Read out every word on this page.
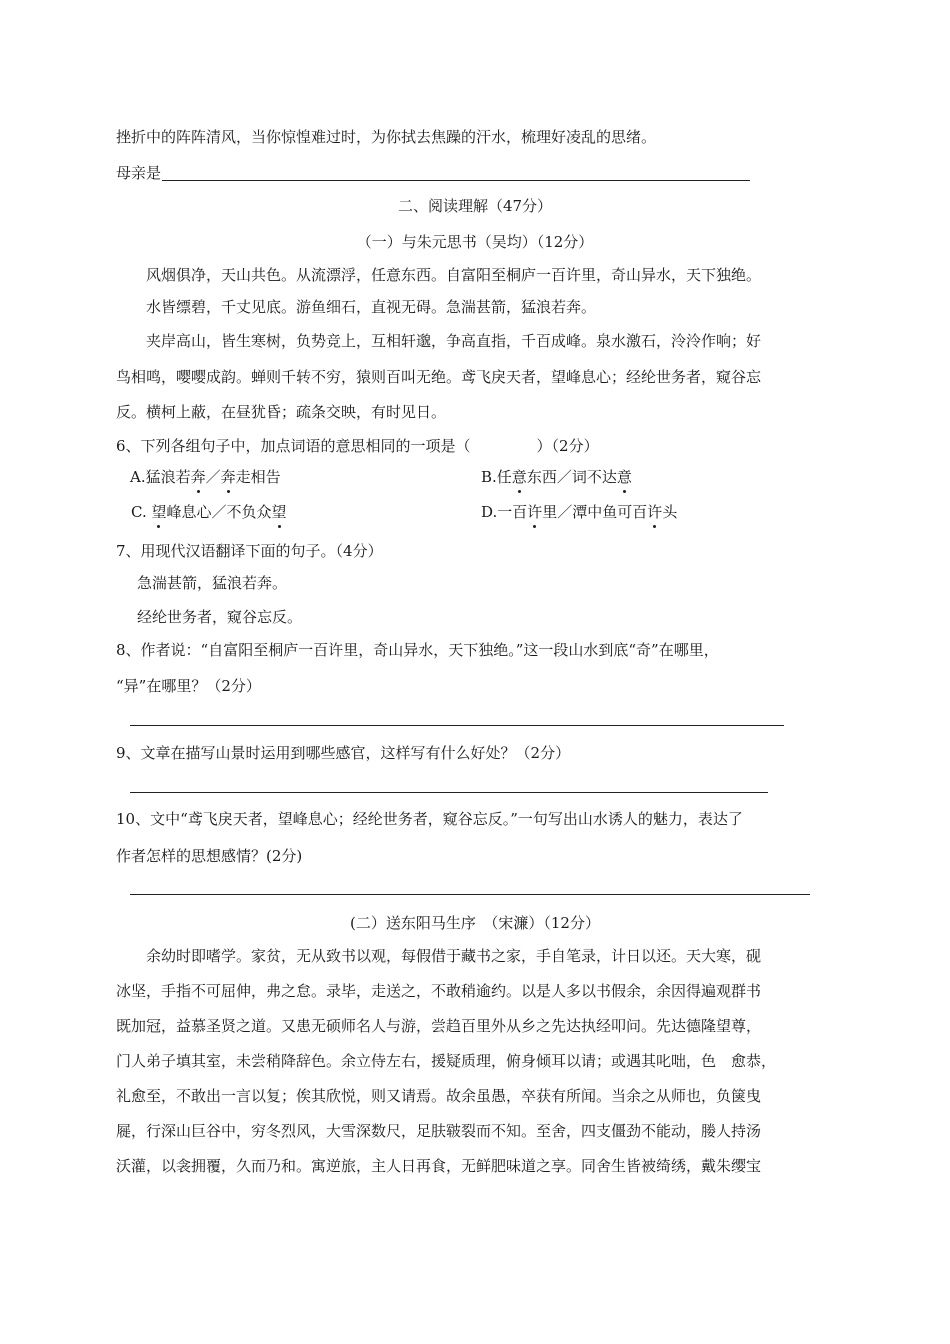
挫折中的阵阵清风，当你惊惶难过时，为你拭去焦躁的汗水，梳理好凌乱的思绪。
母亲是
二、阅读理解（47分）
（一）与朱元思书（吴均）（12分）
风烟俱净，天山共色。从流漂浮，任意东西。自富阳至桐庐一百许里，奇山异水，天下独绝。
水皆缥碧，千丈见底。游鱼细石，直视无碍。急湍甚箭，猛浪若奔。
夹岸高山，皆生寒树，负势竞上，互相轩邈，争高直指，千百成峰。泉水激石，泠泠作响；好
鸟相鸣，嘤嘤成韵。蝉则千转不穷，猿则百叫无绝。鸢飞戾天者，望峰息心；经纶世务者，窥谷忘
反。横柯上蔽，在昼犹昏；疏条交映，有时见日。
6、下列各组句子中，加点词语的意思相同的一项是（	）（2分）
A.猛浪若奔／奔走相告	B.任意东西／词不达意
C. 望峰息心／不负众望	D.一百许里／潭中鱼可百许头
7、用现代汉语翻译下面的句子。（4分）
急湍甚箭，猛浪若奔。
经纶世务者，窥谷忘反。
8、作者说：“自富阳至桐庐一百许里，奇山异水，天下独绝。”这一段山水到底“奇”在哪里，
“异”在哪里？（2分）
9、文章在描写山景时运用到哪些感官，这样写有什么好处？（2分）
10、文中“鸢飞戾天者，望峰息心；经纶世务者，窥谷忘反。”一句写出山水诱人的魅力，表达了
作者怎样的思想感情？(2分)
(二）送东阳马生序　（宋濂）（12分）
余幼时即嗜学。家贫，无从致书以观，每假借于藏书之家，手自笔录，计日以还。天大寒，砚
冰坚，手指不可屈伸，弗之怠。录毕，走送之，不敢稍逾约。以是人多以书假余，余因得遍观群书
既加冠，益慕圣贤之道。又患无硕师名人与游，尝趋百里外从乡之先达执经叩问。先达德隆望尊，
门人弟子填其室，未尝稍降辞色。余立侍左右，援疑质理，俯身倾耳以请；或遇其叱咄，色　愈恭，
礼愈至，不敢出一言以复；俟其欣悦，则又请焉。故余虽愚，卒获有所闻。当余之从师也，负箧曳
屣，行深山巨谷中，穷冬烈风，大雪深数尺，足肤皲裂而不知。至舍，四支僵劲不能动，媵人持汤
沃灌，以衾拥覆，久而乃和。寓逆旅，主人日再食，无鲜肥味道之享。同舍生皆被绮绣，戴朱缨宝
